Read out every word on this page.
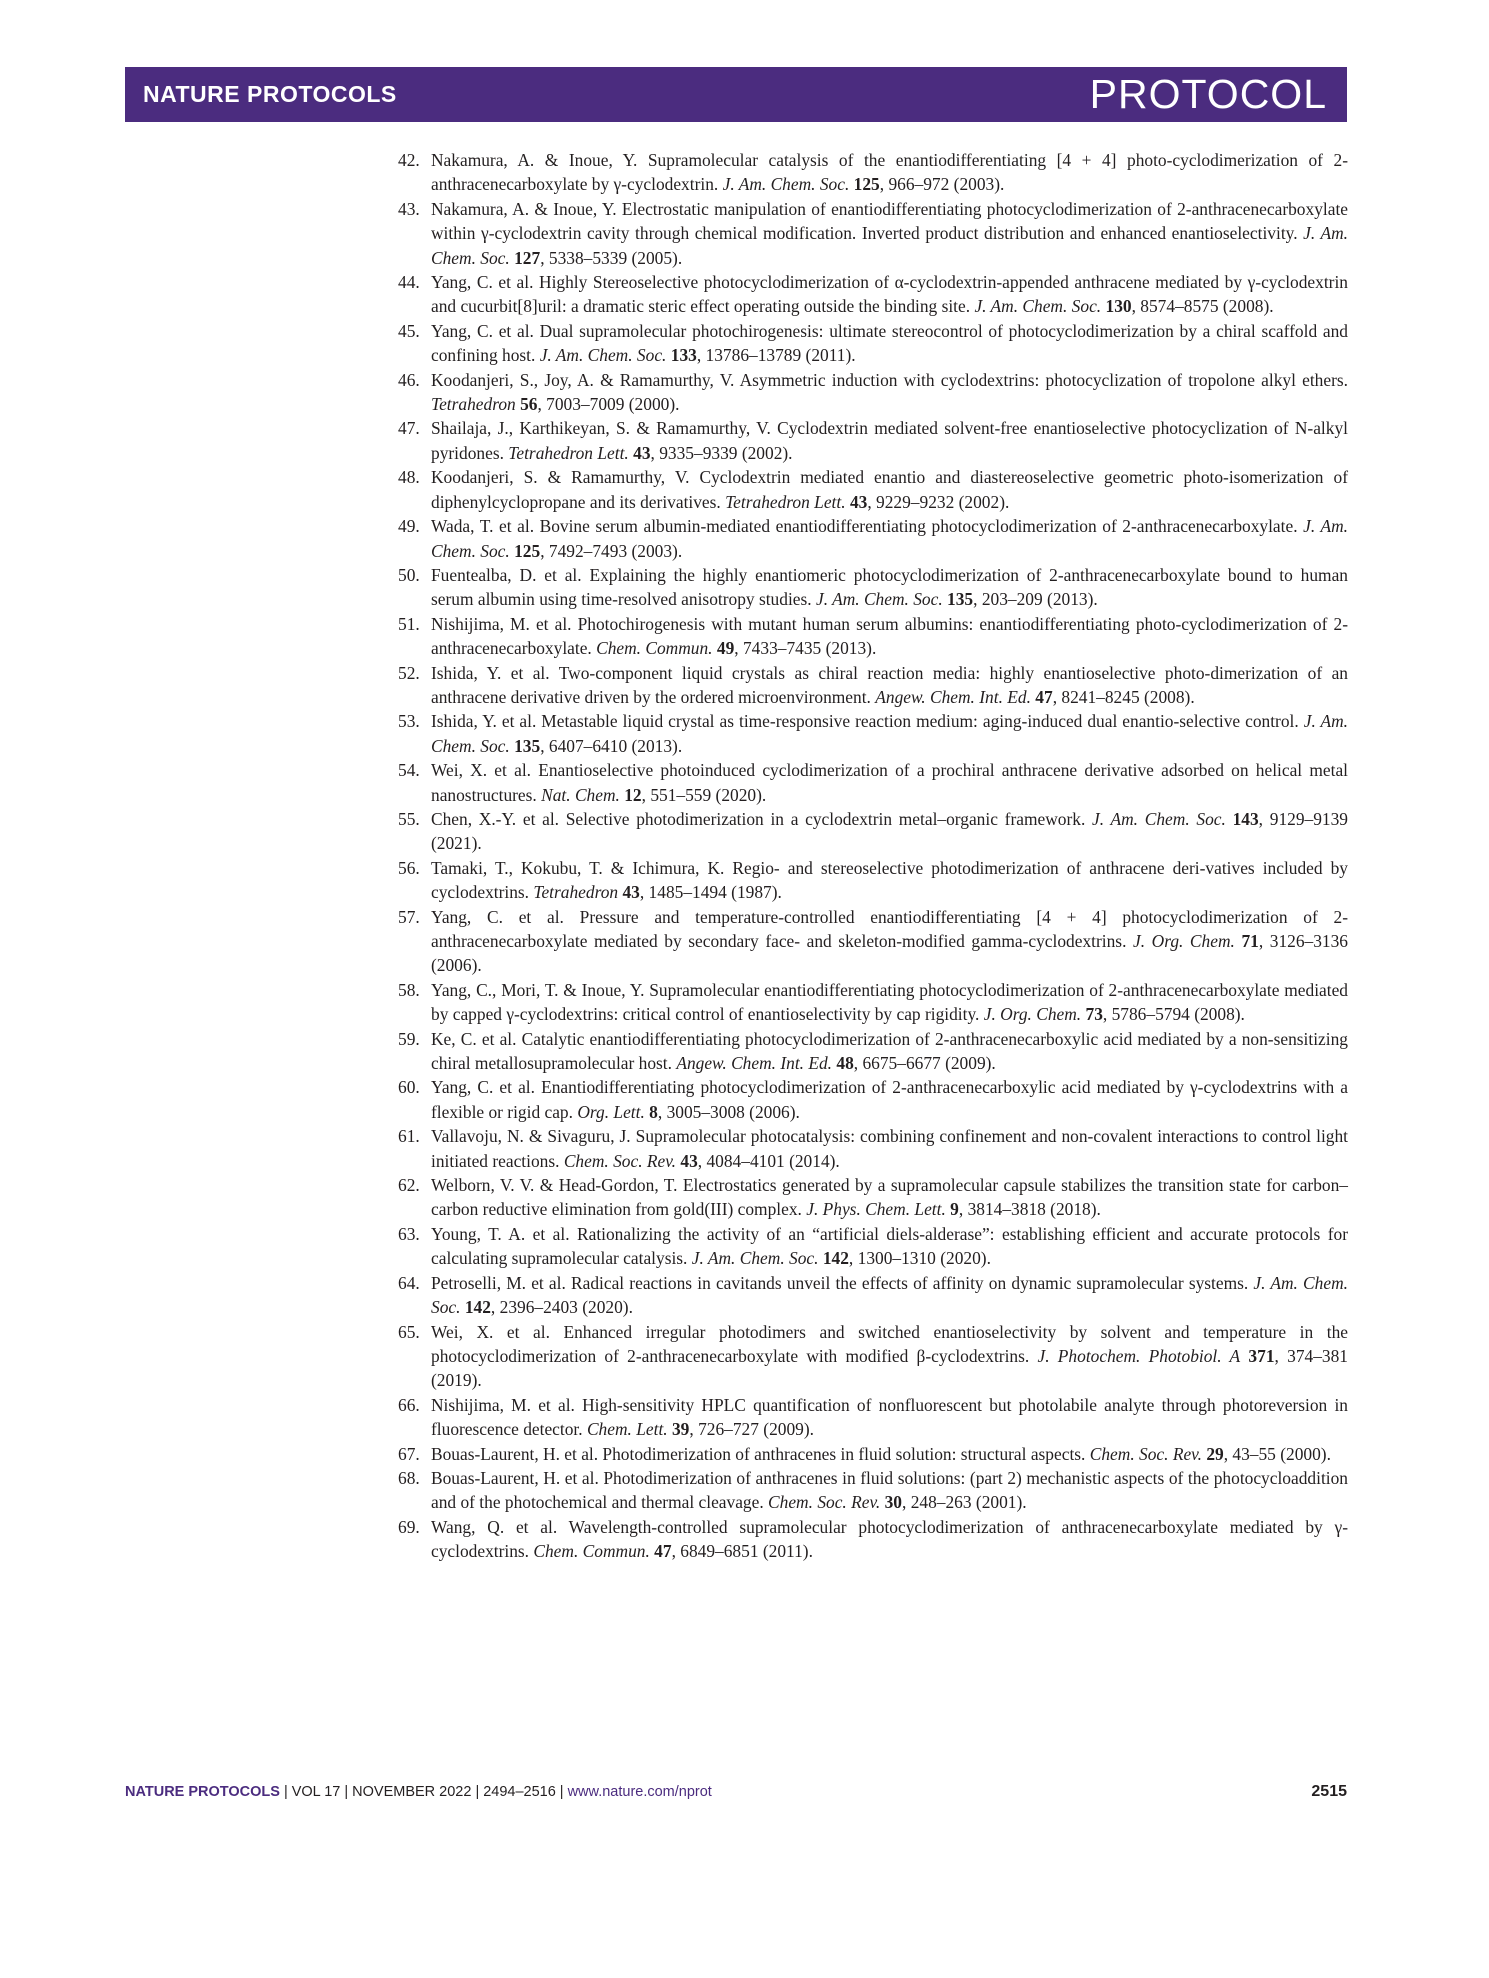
NATURE PROTOCOLS	PROTOCOL
42. Nakamura, A. & Inoue, Y. Supramolecular catalysis of the enantiodifferentiating [4 + 4] photo-cyclodimerization of 2-anthracenecarboxylate by γ-cyclodextrin. J. Am. Chem. Soc. 125, 966–972 (2003).
43. Nakamura, A. & Inoue, Y. Electrostatic manipulation of enantiodifferentiating photocyclodimerization of 2-anthracenecarboxylate within γ-cyclodextrin cavity through chemical modification. Inverted product distribution and enhanced enantioselectivity. J. Am. Chem. Soc. 127, 5338–5339 (2005).
44. Yang, C. et al. Highly Stereoselective photocyclodimerization of α-cyclodextrin-appended anthracene mediated by γ-cyclodextrin and cucurbit[8]uril: a dramatic steric effect operating outside the binding site. J. Am. Chem. Soc. 130, 8574–8575 (2008).
45. Yang, C. et al. Dual supramolecular photochirogenesis: ultimate stereocontrol of photocyclodimerization by a chiral scaffold and confining host. J. Am. Chem. Soc. 133, 13786–13789 (2011).
46. Koodanjeri, S., Joy, A. & Ramamurthy, V. Asymmetric induction with cyclodextrins: photocyclization of tropolone alkyl ethers. Tetrahedron 56, 7003–7009 (2000).
47. Shailaja, J., Karthikeyan, S. & Ramamurthy, V. Cyclodextrin mediated solvent-free enantioselective photocyclization of N-alkyl pyridones. Tetrahedron Lett. 43, 9335–9339 (2002).
48. Koodanjeri, S. & Ramamurthy, V. Cyclodextrin mediated enantio and diastereoselective geometric photo-isomerization of diphenylcyclopropane and its derivatives. Tetrahedron Lett. 43, 9229–9232 (2002).
49. Wada, T. et al. Bovine serum albumin-mediated enantiodifferentiating photocyclodimerization of 2-anthracenecarboxylate. J. Am. Chem. Soc. 125, 7492–7493 (2003).
50. Fuentealba, D. et al. Explaining the highly enantiomeric photocyclodimerization of 2-anthracenecarboxylate bound to human serum albumin using time-resolved anisotropy studies. J. Am. Chem. Soc. 135, 203–209 (2013).
51. Nishijima, M. et al. Photochirogenesis with mutant human serum albumins: enantiodifferentiating photo-cyclodimerization of 2-anthracenecarboxylate. Chem. Commun. 49, 7433–7435 (2013).
52. Ishida, Y. et al. Two-component liquid crystals as chiral reaction media: highly enantioselective photo-dimerization of an anthracene derivative driven by the ordered microenvironment. Angew. Chem. Int. Ed. 47, 8241–8245 (2008).
53. Ishida, Y. et al. Metastable liquid crystal as time-responsive reaction medium: aging-induced dual enantio-selective control. J. Am. Chem. Soc. 135, 6407–6410 (2013).
54. Wei, X. et al. Enantioselective photoinduced cyclodimerization of a prochiral anthracene derivative adsorbed on helical metal nanostructures. Nat. Chem. 12, 551–559 (2020).
55. Chen, X.-Y. et al. Selective photodimerization in a cyclodextrin metal–organic framework. J. Am. Chem. Soc. 143, 9129–9139 (2021).
56. Tamaki, T., Kokubu, T. & Ichimura, K. Regio- and stereoselective photodimerization of anthracene deri-vatives included by cyclodextrins. Tetrahedron 43, 1485–1494 (1987).
57. Yang, C. et al. Pressure and temperature-controlled enantiodifferentiating [4 + 4] photocyclodimerization of 2-anthracenecarboxylate mediated by secondary face- and skeleton-modified gamma-cyclodextrins. J. Org. Chem. 71, 3126–3136 (2006).
58. Yang, C., Mori, T. & Inoue, Y. Supramolecular enantiodifferentiating photocyclodimerization of 2-anthracenecarboxylate mediated by capped γ-cyclodextrins: critical control of enantioselectivity by cap rigidity. J. Org. Chem. 73, 5786–5794 (2008).
59. Ke, C. et al. Catalytic enantiodifferentiating photocyclodimerization of 2-anthracenecarboxylic acid mediated by a non-sensitizing chiral metallosupramolecular host. Angew. Chem. Int. Ed. 48, 6675–6677 (2009).
60. Yang, C. et al. Enantiodifferentiating photocyclodimerization of 2-anthracenecarboxylic acid mediated by γ-cyclodextrins with a flexible or rigid cap. Org. Lett. 8, 3005–3008 (2006).
61. Vallavoju, N. & Sivaguru, J. Supramolecular photocatalysis: combining confinement and non-covalent interactions to control light initiated reactions. Chem. Soc. Rev. 43, 4084–4101 (2014).
62. Welborn, V. V. & Head-Gordon, T. Electrostatics generated by a supramolecular capsule stabilizes the transition state for carbon–carbon reductive elimination from gold(III) complex. J. Phys. Chem. Lett. 9, 3814–3818 (2018).
63. Young, T. A. et al. Rationalizing the activity of an “artificial diels-alderase”: establishing efficient and accurate protocols for calculating supramolecular catalysis. J. Am. Chem. Soc. 142, 1300–1310 (2020).
64. Petroselli, M. et al. Radical reactions in cavitands unveil the effects of affinity on dynamic supramolecular systems. J. Am. Chem. Soc. 142, 2396–2403 (2020).
65. Wei, X. et al. Enhanced irregular photodimers and switched enantioselectivity by solvent and temperature in the photocyclodimerization of 2-anthracenecarboxylate with modified β-cyclodextrins. J. Photochem. Photobiol. A 371, 374–381 (2019).
66. Nishijima, M. et al. High-sensitivity HPLC quantification of nonfluorescent but photolabile analyte through photoreversion in fluorescence detector. Chem. Lett. 39, 726–727 (2009).
67. Bouas-Laurent, H. et al. Photodimerization of anthracenes in fluid solution: structural aspects. Chem. Soc. Rev. 29, 43–55 (2000).
68. Bouas-Laurent, H. et al. Photodimerization of anthracenes in fluid solutions: (part 2) mechanistic aspects of the photocycloaddition and of the photochemical and thermal cleavage. Chem. Soc. Rev. 30, 248–263 (2001).
69. Wang, Q. et al. Wavelength-controlled supramolecular photocyclodimerization of anthracenecarboxylate mediated by γ-cyclodextrins. Chem. Commun. 47, 6849–6851 (2011).
NATURE PROTOCOLS | VOL 17 | NOVEMBER 2022 | 2494–2516 | www.nature.com/nprot	2515
